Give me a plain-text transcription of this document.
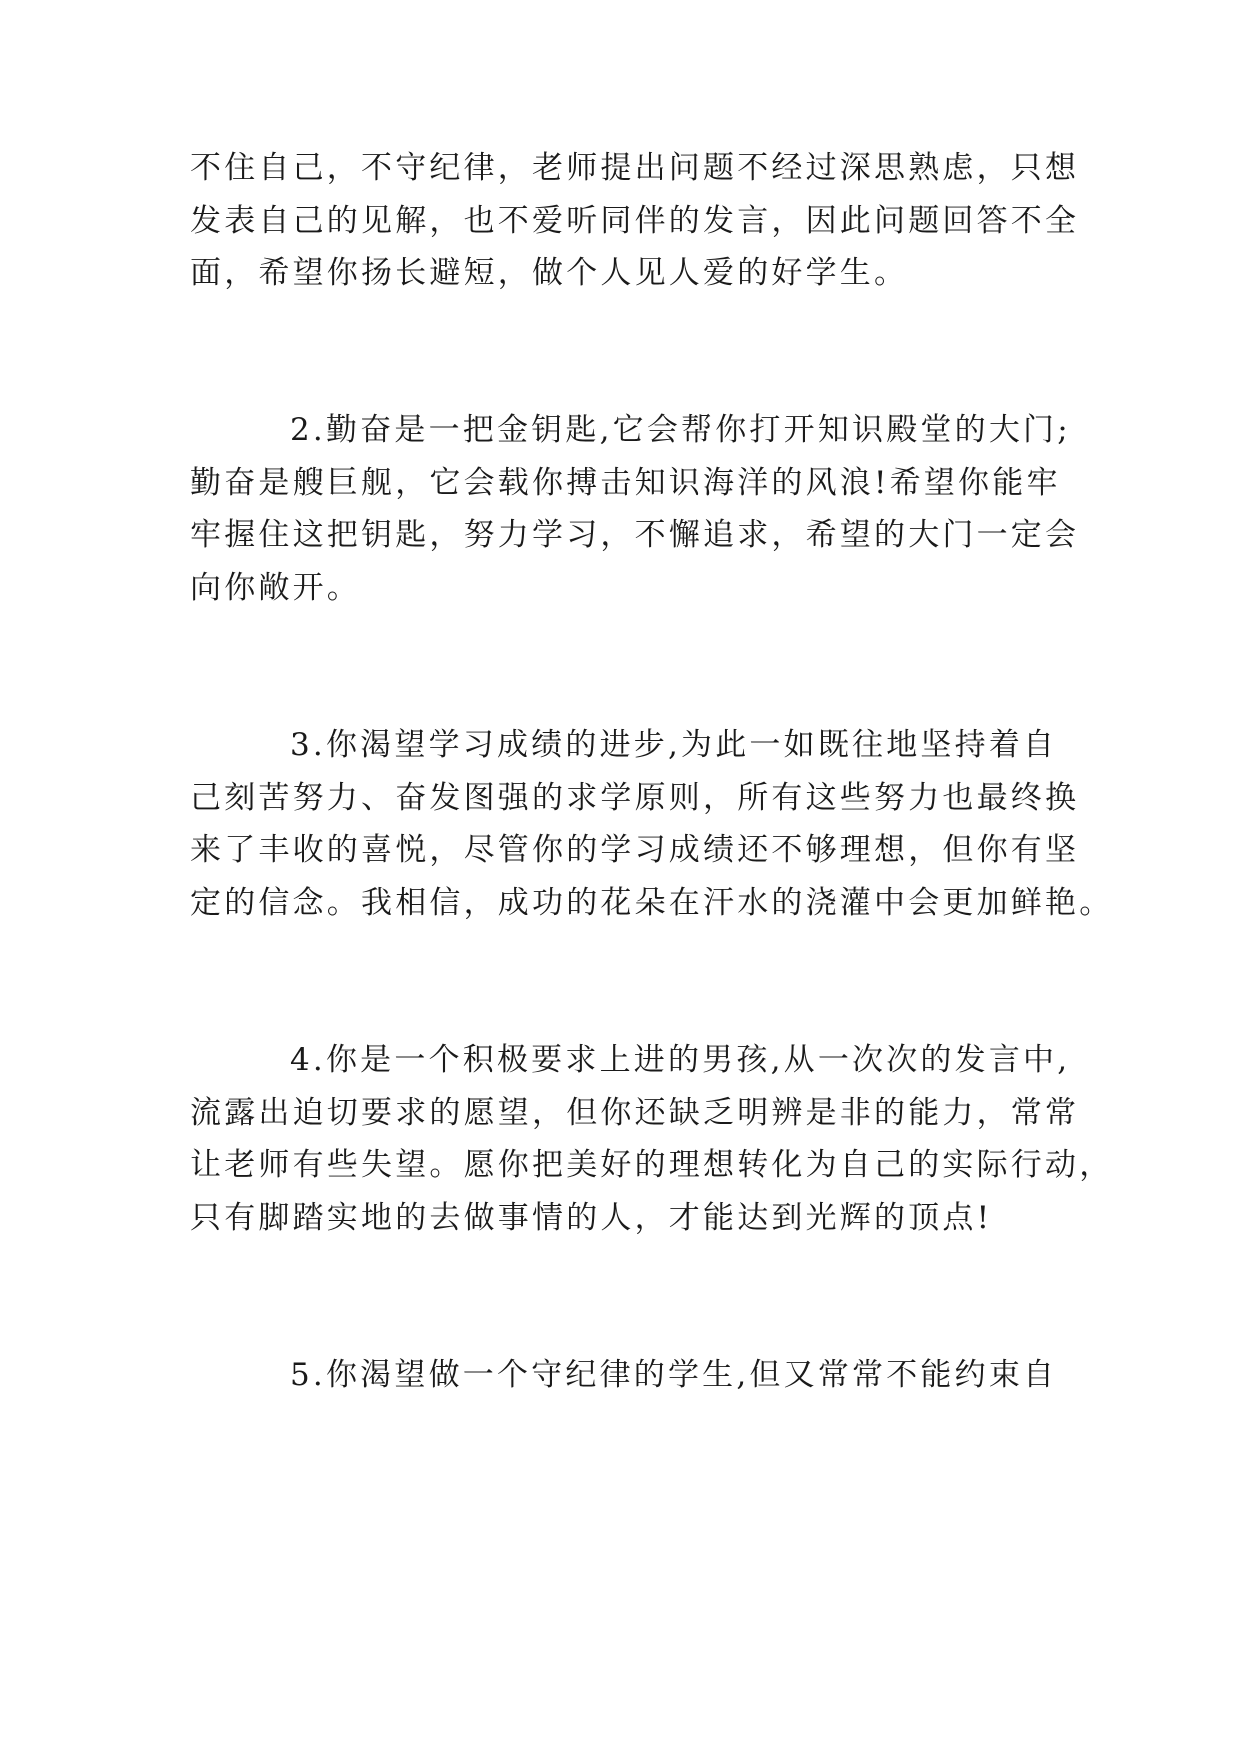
不住自己，不守纪律，老师提出问题不经过深思熟虑，只想
发表自己的见解，也不爱听同伴的发言，因此问题回答不全
面，希望你扬长避短，做个人见人爱的好学生。
2.勤奋是一把金钥匙,它会帮你打开知识殿堂的大门;
勤奋是艘巨舰，它会载你搏击知识海洋的风浪!希望你能牢
牢握住这把钥匙，努力学习，不懈追求，希望的大门一定会
向你敞开。
3.你渴望学习成绩的进步,为此一如既往地坚持着自
己刻苦努力、奋发图强的求学原则，所有这些努力也最终换
来了丰收的喜悦，尽管你的学习成绩还不够理想，但你有坚
定的信念。我相信，成功的花朵在汗水的浇灌中会更加鲜艳。
4.你是一个积极要求上进的男孩,从一次次的发言中,
流露出迫切要求的愿望，但你还缺乏明辨是非的能力，常常
让老师有些失望。愿你把美好的理想转化为自己的实际行动，
只有脚踏实地的去做事情的人，才能达到光辉的顶点!
5.你渴望做一个守纪律的学生,但又常常不能约束自
